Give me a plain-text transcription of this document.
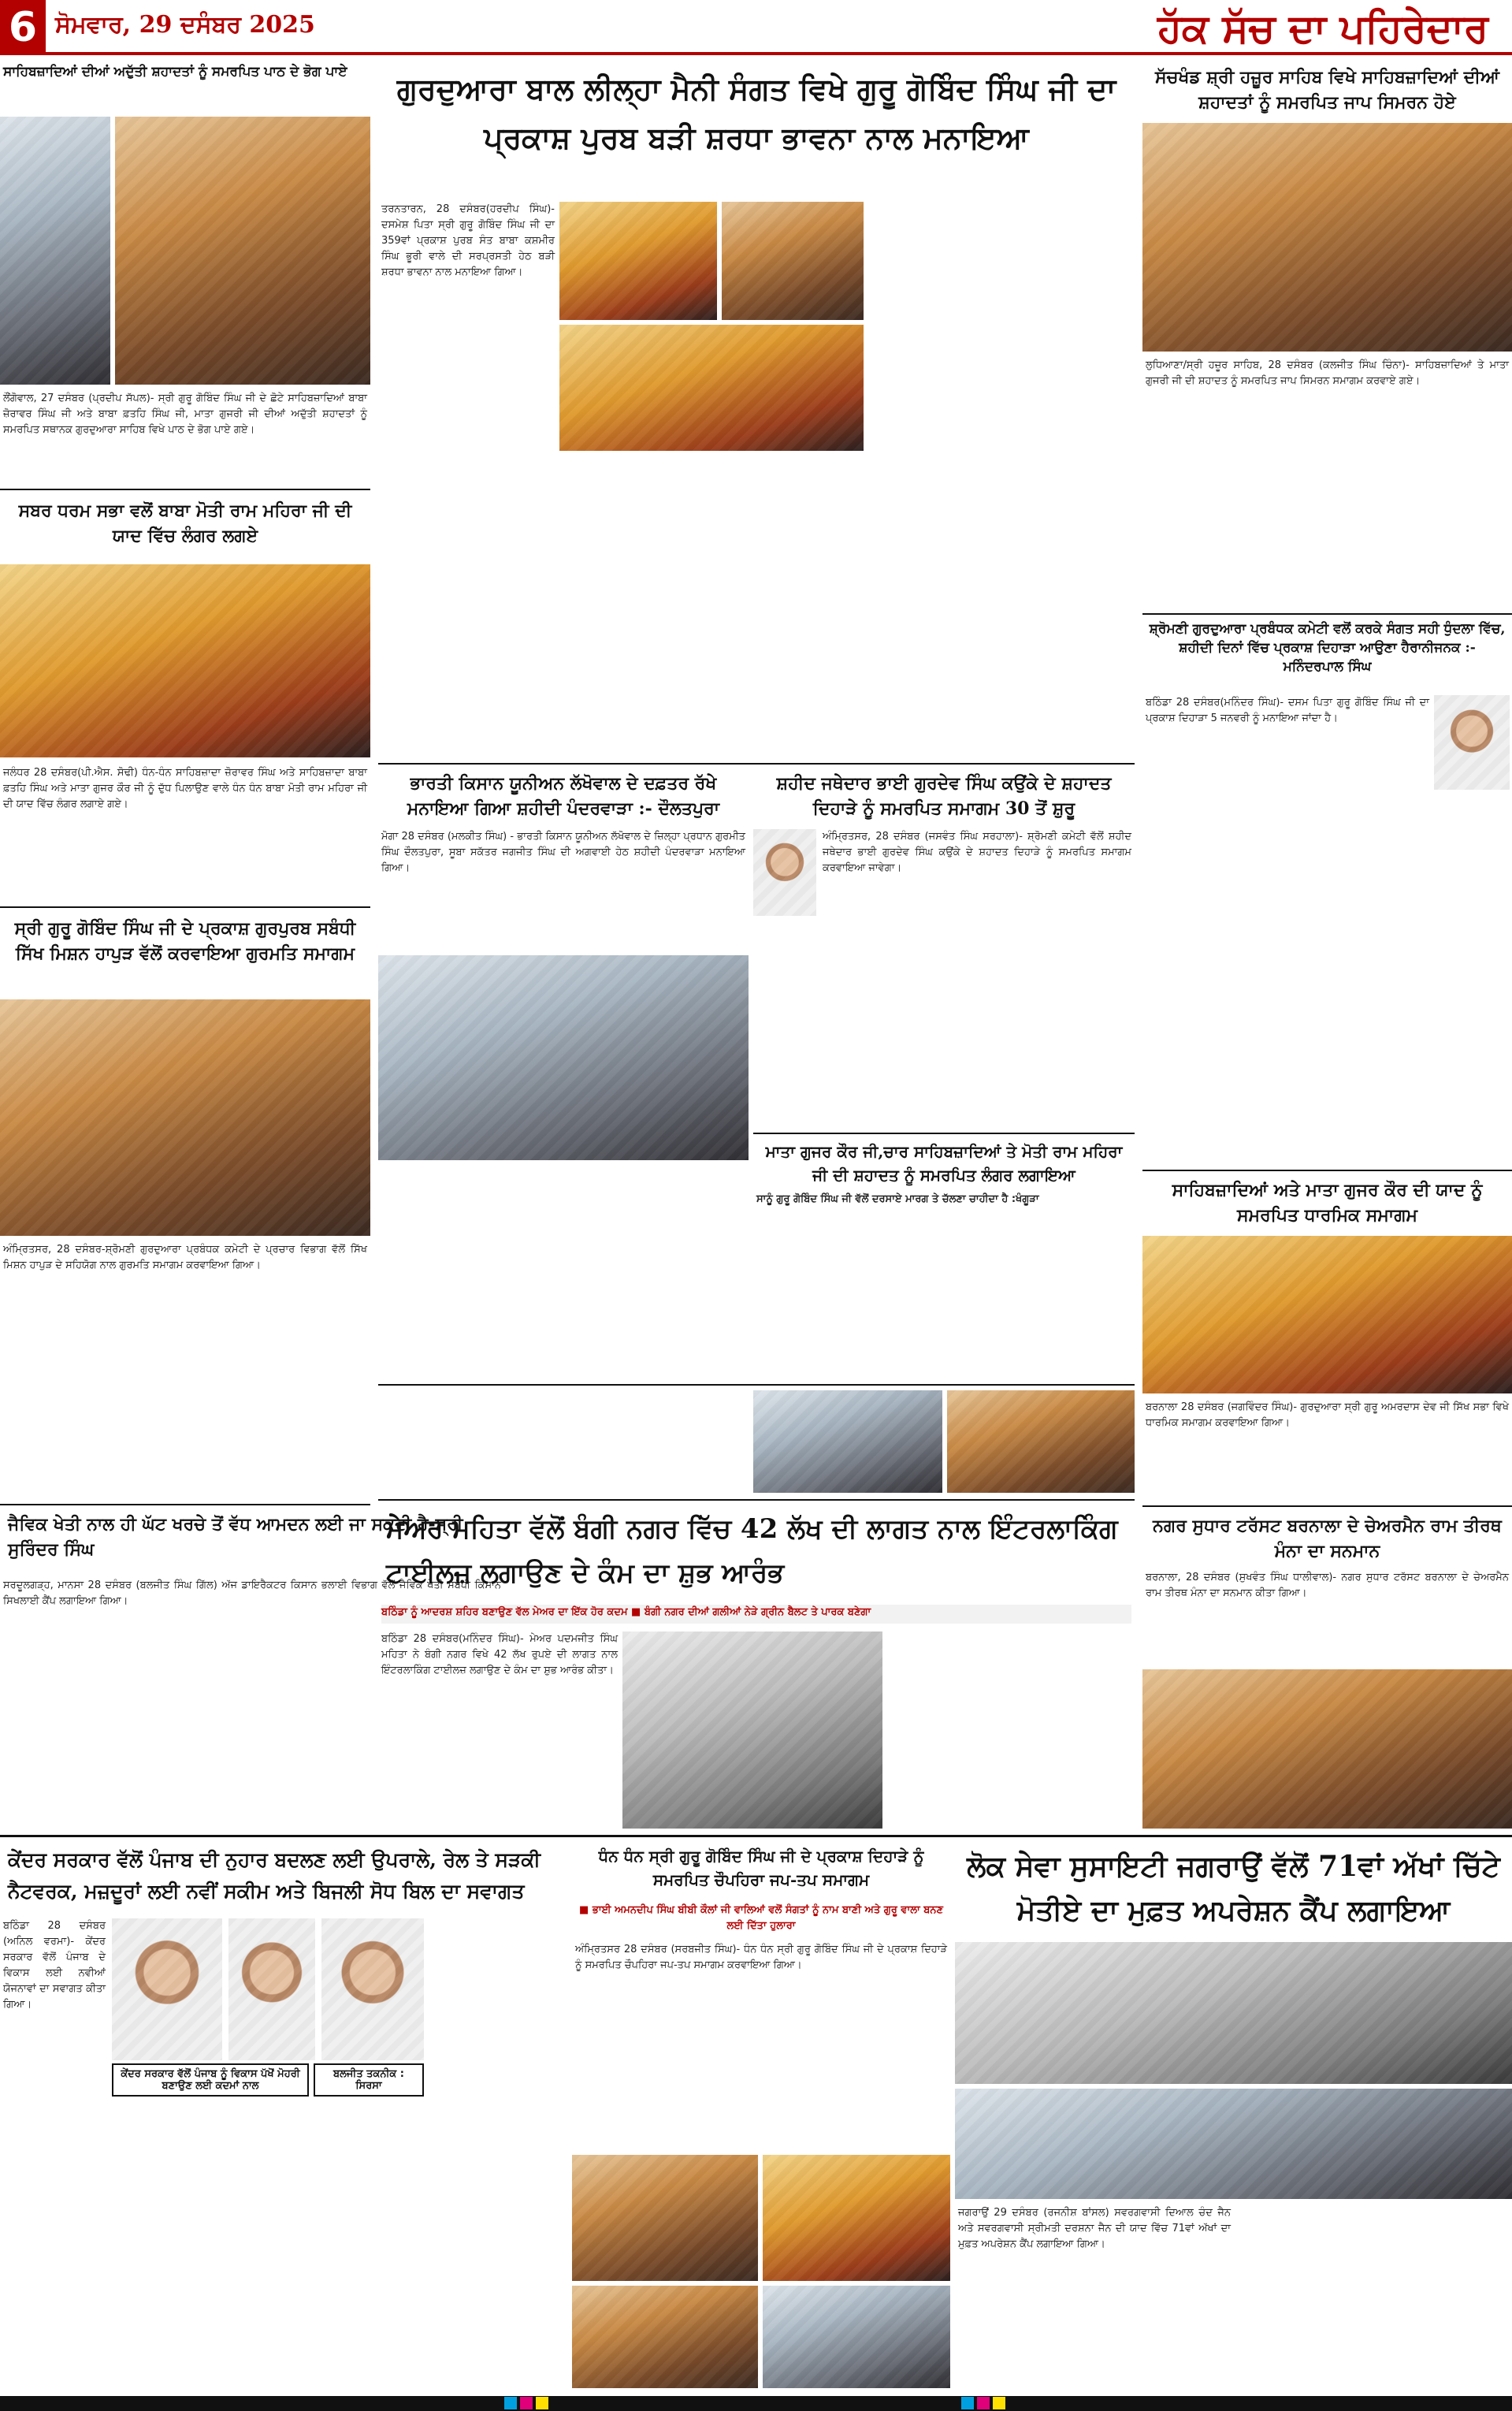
6 ਸੋਮਵਾਰ, 29 ਦਸੰਬਰ 2025	ਹੱਕ ਸੱਚ ਦਾ ਪਹਿਰੇਦਾਰ
ਸਾਹਿਬਜ਼ਾਦਿਆਂ ਦੀਆਂ ਅਦੁੱਤੀ ਸ਼ਹਾਦਤਾਂ ਨੂੰ ਸਮਰਪਿਤ ਪਾਠ ਦੇ ਭੋਗ ਪਾਏ
ਲੌਂਗੋਵਾਲ, 27 ਦਸੰਬਰ (ਪ੍ਰਦੀਪ ਸੱਪਲ)- ਸ੍ਰੀ ਗੁਰੂ ਗੋਬਿੰਦ ਸਿੰਘ ਜੀ ਦੇ ਛੋਟੇ ਸਾਹਿਬਜ਼ਾਦਿਆਂ ਬਾਬਾ ਜ਼ੋਰਾਵਰ ਸਿੰਘ ਜੀ ਅਤੇ ਬਾਬਾ ਫ਼ਤਹਿ ਸਿੰਘ ਜੀ, ਮਾਤਾ ਗੁਜਰੀ ਜੀ ਦੀਆਂ ਅਦੁੱਤੀ ਸ਼ਹਾਦਤਾਂ ਨੂੰ ਸਮਰਪਿਤ ਸਥਾਨਕ ਗੁਰਦੁਆਰਾ ਸਾਹਿਬ ਵਿਖੇ ਪਾਠ ਦੇ ਭੋਗ ਪਾਏ ਗਏ।
ਸਬਰ ਧਰਮ ਸਭਾ ਵਲੋਂ ਬਾਬਾ ਮੋਤੀ ਰਾਮ ਮਹਿਰਾ ਜੀ ਦੀ ਯਾਦ ਵਿੱਚ ਲੰਗਰ ਲਗਏ
ਜਲੰਧਰ 28 ਦਸੰਬਰ(ਪੀ.ਐਸ. ਸੋਢੀ) ਧੰਨ-ਧੰਨ ਸਾਹਿਬਜ਼ਾਦਾ ਜ਼ੋਰਾਵਰ ਸਿੰਘ ਅਤੇ ਸਾਹਿਬਜ਼ਾਦਾ ਬਾਬਾ ਫ਼ਤਹਿ ਸਿੰਘ ਅਤੇ ਮਾਤਾ ਗੁਜਰ ਕੌਰ ਜੀ ਨੂੰ ਦੁੱਧ ਪਿਲਾਉਣ ਵਾਲੇ ਧੰਨ ਧੰਨ ਬਾਬਾ ਮੋਤੀ ਰਾਮ ਮਹਿਰਾ ਜੀ ਦੀ ਯਾਦ ਵਿੱਚ ਲੰਗਰ ਲਗਾਏ ਗਏ।
ਸ੍ਰੀ ਗੁਰੂ ਗੋਬਿੰਦ ਸਿੰਘ ਜੀ ਦੇ ਪ੍ਰਕਾਸ਼ ਗੁਰਪੁਰਬ ਸਬੰਧੀ ਸਿੱਖ ਮਿਸ਼ਨ ਹਾਪੁੜ ਵੱਲੋਂ ਕਰਵਾਇਆ ਗੁਰਮਤਿ ਸਮਾਗਮ
ਅੰਮ੍ਰਿਤਸਰ, 28 ਦਸੰਬਰ-ਸ਼੍ਰੋਮਣੀ ਗੁਰਦੁਆਰਾ ਪ੍ਰਬੰਧਕ ਕਮੇਟੀ ਦੇ ਪ੍ਰਚਾਰ ਵਿਭਾਗ ਵੱਲੋਂ ਸਿੱਖ ਮਿਸ਼ਨ ਹਾਪੁੜ ਦੇ ਸਹਿਯੋਗ ਨਾਲ ਗੁਰਮਤਿ ਸਮਾਗਮ ਕਰਵਾਇਆ ਗਿਆ।
ਜੈਵਿਕ ਖੇਤੀ ਨਾਲ ਹੀ ਘੱਟ ਖਰਚੇ ਤੋਂ ਵੱਧ ਆਮਦਨ ਲਈ ਜਾ ਸਕਦੀ ਹੈ-ਸ੍ਰੀ ਸੁਰਿੰਦਰ ਸਿੰਘ
ਸਰਦੂਲਗੜ੍ਹ, ਮਾਨਸਾ 28 ਦਸੰਬਰ (ਬਲਜੀਤ ਸਿੰਘ ਗਿੱਲ) ਅੱਜ ਡਾਇਰੈਕਟਰ ਕਿਸਾਨ ਭਲਾਈ ਵਿਭਾਗ ਵੱਲੋਂ ਜੈਵਿਕ ਖੇਤੀ ਸਬੰਧੀ ਕਿਸਾਨ ਸਿਖਲਾਈ ਕੈਂਪ ਲਗਾਇਆ ਗਿਆ।
ਗੁਰਦੁਆਰਾ ਬਾਲ ਲੀਲ੍ਹਾ ਮੈਨੀ ਸੰਗਤ ਵਿਖੇ ਗੁਰੂ ਗੋਬਿੰਦ ਸਿੰਘ ਜੀ ਦਾ ਪ੍ਰਕਾਸ਼ ਪੁਰਬ ਬੜੀ ਸ਼ਰਧਾ ਭਾਵਨਾ ਨਾਲ ਮਨਾਇਆ
ਤਰਨਤਾਰਨ, 28 ਦਸੰਬਰ(ਹਰਦੀਪ ਸਿੰਘ)- ਦਸਮੇਸ਼ ਪਿਤਾ ਸ੍ਰੀ ਗੁਰੂ ਗੋਬਿੰਦ ਸਿੰਘ ਜੀ ਦਾ 359ਵਾਂ ਪ੍ਰਕਾਸ਼ ਪੁਰਬ ਸੰਤ ਬਾਬਾ ਕਸ਼ਮੀਰ ਸਿੰਘ ਭੂਰੀ ਵਾਲੇ ਦੀ ਸਰਪ੍ਰਸਤੀ ਹੇਠ ਬੜੀ ਸ਼ਰਧਾ ਭਾਵਨਾ ਨਾਲ ਮਨਾਇਆ ਗਿਆ।
ਭਾਰਤੀ ਕਿਸਾਨ ਯੂਨੀਅਨ ਲੱਖੋਵਾਲ ਦੇ ਦਫ਼ਤਰ ਰੱਖੇ ਮਨਾਇਆ ਗਿਆ ਸ਼ਹੀਦੀ ਪੰਦਰਵਾੜਾ :- ਦੌਲਤਪੁਰਾ
ਮੋਗਾ 28 ਦਸੰਬਰ (ਮਲਕੀਤ ਸਿੰਘ) - ਭਾਰਤੀ ਕਿਸਾਨ ਯੂਨੀਅਨ ਲੱਖੋਵਾਲ ਦੇ ਜ਼ਿਲ੍ਹਾ ਪ੍ਰਧਾਨ ਗੁਰਮੀਤ ਸਿੰਘ ਦੌਲਤਪੁਰਾ, ਸੂਬਾ ਸਕੱਤਰ ਜਗਜੀਤ ਸਿੰਘ ਦੀ ਅਗਵਾਈ ਹੇਠ ਸ਼ਹੀਦੀ ਪੰਦਰਵਾੜਾ ਮਨਾਇਆ ਗਿਆ।
ਸ਼ਹੀਦ ਜਥੇਦਾਰ ਭਾਈ ਗੁਰਦੇਵ ਸਿੰਘ ਕਉਂਕੇ ਦੇ ਸ਼ਹਾਦਤ ਦਿਹਾੜੇ ਨੂੰ ਸਮਰਪਿਤ ਸਮਾਗਮ 30 ਤੋਂ ਸ਼ੁਰੂ
ਅੰਮ੍ਰਿਤਸਰ, 28 ਦਸੰਬਰ (ਜਸਵੰਤ ਸਿੰਘ ਸਰਹਾਲਾ)- ਸ਼੍ਰੋਮਣੀ ਕਮੇਟੀ ਵੱਲੋਂ ਸ਼ਹੀਦ ਜਥੇਦਾਰ ਭਾਈ ਗੁਰਦੇਵ ਸਿੰਘ ਕਉਂਕੇ ਦੇ ਸ਼ਹਾਦਤ ਦਿਹਾੜੇ ਨੂੰ ਸਮਰਪਿਤ ਸਮਾਗਮ ਕਰਵਾਇਆ ਜਾਵੇਗਾ।
ਮਾਤਾ ਗੁਜਰ ਕੌਰ ਜੀ,ਚਾਰ ਸਾਹਿਬਜ਼ਾਦਿਆਂ ਤੇ ਮੋਤੀ ਰਾਮ ਮਹਿਰਾ ਜੀ ਦੀ ਸ਼ਹਾਦਤ ਨੂੰ ਸਮਰਪਿਤ ਲੰਗਰ ਲਗਾਇਆ
ਸਾਨੂੰ ਗੁਰੂ ਗੋਬਿੰਦ ਸਿੰਘ ਜੀ ਵੱਲੋਂ ਦਰਸਾਏ ਮਾਰਗ ਤੇ ਚੱਲਣਾ ਚਾਹੀਦਾ ਹੈ :ਖੰਗੂੜਾ
ਮੇਅਰ ਮਹਿਤਾ ਵੱਲੋਂ ਬੰਗੀ ਨਗਰ ਵਿੱਚ 42 ਲੱਖ ਦੀ ਲਾਗਤ ਨਾਲ ਇੰਟਰਲਾਕਿੰਗ ਟਾਈਲਜ਼ ਲਗਾਉਣ ਦੇ ਕੰਮ ਦਾ ਸ਼ੁਭ ਆਰੰਭ
ਬਠਿੰਡਾ ਨੂੰ ਆਦਰਸ਼ ਸ਼ਹਿਰ ਬਣਾਉਣ ਵੱਲ ਮੇਅਰ ਦਾ ਇੱਕ ਹੋਰ ਕਦਮ ■ ਬੰਗੀ ਨਗਰ ਦੀਆਂ ਗਲੀਆਂ ਨੇੜੇ ਗ੍ਰੀਨ ਬੈਲਟ ਤੇ ਪਾਰਕ ਬਣੇਗਾ
ਬਠਿੰਡਾ 28 ਦਸੰਬਰ(ਮਨਿੰਦਰ ਸਿੰਘ)- ਮੇਅਰ ਪਦਮਜੀਤ ਸਿੰਘ ਮਹਿਤਾ ਨੇ ਬੰਗੀ ਨਗਰ ਵਿਖੇ 42 ਲੱਖ ਰੁਪਏ ਦੀ ਲਾਗਤ ਨਾਲ ਇੰਟਰਲਾਕਿੰਗ ਟਾਈਲਜ਼ ਲਗਾਉਣ ਦੇ ਕੰਮ ਦਾ ਸ਼ੁਭ ਆਰੰਭ ਕੀਤਾ।
ਸੱਚਖੰਡ ਸ਼੍ਰੀ ਹਜ਼ੂਰ ਸਾਹਿਬ ਵਿਖੇ ਸਾਹਿਬਜ਼ਾਦਿਆਂ ਦੀਆਂ ਸ਼ਹਾਦਤਾਂ ਨੂੰ ਸਮਰਪਿਤ ਜਾਪ ਸਿਮਰਨ ਹੋਏ
ਲੁਧਿਆਣਾ/ਸ੍ਰੀ ਹਜ਼ੂਰ ਸਾਹਿਬ, 28 ਦਸੰਬਰ (ਕਲਜੀਤ ਸਿੰਘ ਚਿੰਨਾ)- ਸਾਹਿਬਜ਼ਾਦਿਆਂ ਤੇ ਮਾਤਾ ਗੁਜਰੀ ਜੀ ਦੀ ਸ਼ਹਾਦਤ ਨੂੰ ਸਮਰਪਿਤ ਜਾਪ ਸਿਮਰਨ ਸਮਾਗਮ ਕਰਵਾਏ ਗਏ।
ਸ਼੍ਰੋਮਣੀ ਗੁਰਦੁਆਰਾ ਪ੍ਰਬੰਧਕ ਕਮੇਟੀ ਵਲੋਂ ਕਰਕੇ ਸੰਗਤ ਸਹੀ ਧੁੰਦਲਾ ਵਿੱਚ, ਸ਼ਹੀਦੀ ਦਿਨਾਂ ਵਿੱਚ ਪ੍ਰਕਾਸ਼ ਦਿਹਾੜਾ ਆਉਣਾ ਹੈਰਾਨੀਜਨਕ :- ਮਨਿੰਦਰਪਾਲ ਸਿੰਘ
ਬਠਿੰਡਾ 28 ਦਸੰਬਰ(ਮਨਿੰਦਰ ਸਿੰਘ)- ਦਸਮ ਪਿਤਾ ਗੁਰੂ ਗੋਬਿੰਦ ਸਿੰਘ ਜੀ ਦਾ ਪ੍ਰਕਾਸ਼ ਦਿਹਾੜਾ 5 ਜਨਵਰੀ ਨੂੰ ਮਨਾਇਆ ਜਾਂਦਾ ਹੈ।
ਸਾਹਿਬਜ਼ਾਦਿਆਂ ਅਤੇ ਮਾਤਾ ਗੁਜਰ ਕੌਰ ਦੀ ਯਾਦ ਨੂੰ ਸਮਰਪਿਤ ਧਾਰਮਿਕ ਸਮਾਗਮ
ਬਰਨਾਲਾ 28 ਦਸੰਬਰ (ਜਗਵਿੰਦਰ ਸਿੰਘ)- ਗੁਰਦੁਆਰਾ ਸ੍ਰੀ ਗੁਰੂ ਅਮਰਦਾਸ ਦੇਵ ਜੀ ਸਿੱਖ ਸਭਾ ਵਿਖੇ ਧਾਰਮਿਕ ਸਮਾਗਮ ਕਰਵਾਇਆ ਗਿਆ।
ਨਗਰ ਸੁਧਾਰ ਟਰੱਸਟ ਬਰਨਾਲਾ ਦੇ ਚੇਅਰਮੈਨ ਰਾਮ ਤੀਰਥ ਮੰਨਾ ਦਾ ਸਨਮਾਨ
ਬਰਨਾਲਾ, 28 ਦਸੰਬਰ (ਸੁਖਵੰਤ ਸਿੰਘ ਧਾਲੀਵਾਲ)- ਨਗਰ ਸੁਧਾਰ ਟਰੱਸਟ ਬਰਨਾਲਾ ਦੇ ਚੇਅਰਮੈਨ ਰਾਮ ਤੀਰਥ ਮੰਨਾ ਦਾ ਸਨਮਾਨ ਕੀਤਾ ਗਿਆ।
ਕੇਂਦਰ ਸਰਕਾਰ ਵੱਲੋਂ ਪੰਜਾਬ ਦੀ ਨੁਹਾਰ ਬਦਲਣ ਲਈ ਉਪਰਾਲੇ, ਰੇਲ ਤੇ ਸੜਕੀ ਨੈਟਵਰਕ, ਮਜ਼ਦੂਰਾਂ ਲਈ ਨਵੀਂ ਸਕੀਮ ਅਤੇ ਬਿਜਲੀ ਸੋਧ ਬਿਲ ਦਾ ਸਵਾਗਤ
ਬਠਿੰਡਾ 28 ਦਸੰਬਰ (ਅਨਿਲ ਵਰਮਾ)- ਕੇਂਦਰ ਸਰਕਾਰ ਵੱਲੋਂ ਪੰਜਾਬ ਦੇ ਵਿਕਾਸ ਲਈ ਨਵੀਆਂ ਯੋਜਨਾਵਾਂ ਦਾ ਸਵਾਗਤ ਕੀਤਾ ਗਿਆ।
ਕੇਂਦਰ ਸਰਕਾਰ ਵੱਲੋਂ ਪੰਜਾਬ ਨੂੰ ਵਿਕਾਸ ਪੱਖੋਂ ਮੋਹਰੀ ਬਣਾਉਣ ਲਈ ਕਦਮਾਂ ਨਾਲ
ਬਲਜੀਤ ਤਕਨੀਕ : ਸਿਰਸਾ
ਧੰਨ ਧੰਨ ਸ੍ਰੀ ਗੁਰੂ ਗੋਬਿੰਦ ਸਿੰਘ ਜੀ ਦੇ ਪ੍ਰਕਾਸ਼ ਦਿਹਾੜੇ ਨੂੰ ਸਮਰਪਿਤ ਚੌਪਹਿਰਾ ਜਪ-ਤਪ ਸਮਾਗਮ
■ ਭਾਈ ਅਮਨਦੀਪ ਸਿੰਘ ਬੀਬੀ ਕੌਲਾਂ ਜੀ ਵਾਲਿਆਂ ਵਲੋਂ ਸੰਗਤਾਂ ਨੂੰ ਨਾਮ ਬਾਣੀ ਅਤੇ ਗੁਰੂ ਵਾਲਾ ਬਨਣ ਲਈ ਦਿੱਤਾ ਹੁਲਾਰਾ
ਅੰਮ੍ਰਿਤਸਰ 28 ਦਸੰਬਰ (ਸਰਬਜੀਤ ਸਿੰਘ)- ਧੰਨ ਧੰਨ ਸ੍ਰੀ ਗੁਰੂ ਗੋਬਿੰਦ ਸਿੰਘ ਜੀ ਦੇ ਪ੍ਰਕਾਸ਼ ਦਿਹਾੜੇ ਨੂੰ ਸਮਰਪਿਤ ਚੌਪਹਿਰਾ ਜਪ-ਤਪ ਸਮਾਗਮ ਕਰਵਾਇਆ ਗਿਆ।
ਲੋਕ ਸੇਵਾ ਸੁਸਾਇਟੀ ਜਗਰਾਉਂ ਵੱਲੋਂ 71ਵਾਂ ਅੱਖਾਂ ਚਿੱਟੇ ਮੋਤੀਏ ਦਾ ਮੁਫ਼ਤ ਅਪਰੇਸ਼ਨ ਕੈਂਪ ਲਗਾਇਆ
ਜਗਰਾਉਂ 29 ਦਸੰਬਰ (ਰਜਨੀਸ਼ ਬਾਂਸਲ) ਸਵਰਗਵਾਸੀ ਦਿਆਲ ਚੰਦ ਜੈਨ ਅਤੇ ਸਵਰਗਵਾਸੀ ਸ੍ਰੀਮਤੀ ਦਰਸ਼ਨਾ ਜੈਨ ਦੀ ਯਾਦ ਵਿੱਚ 71ਵਾਂ ਅੱਖਾਂ ਦਾ ਮੁਫ਼ਤ ਅਪਰੇਸ਼ਨ ਕੈਂਪ ਲਗਾਇਆ ਗਿਆ।
